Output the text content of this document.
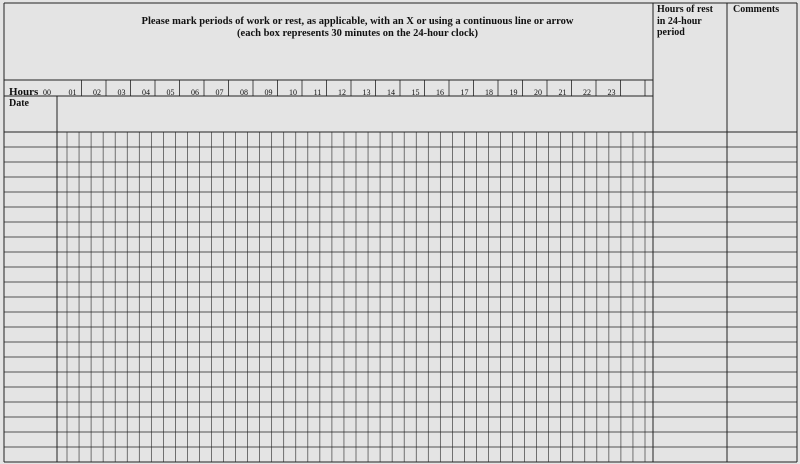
Please mark periods of work or rest, as applicable, with an X or using a continuous line or arrow
(each box represents 30 minutes on the 24-hour clock)
Hours of rest
in 24-hour
period
Comments
Hours
Date
00 01 02 03 04 05 06 07 08 09 10 11 12 13 14 15 16 17 18 19 20 21 22 23
